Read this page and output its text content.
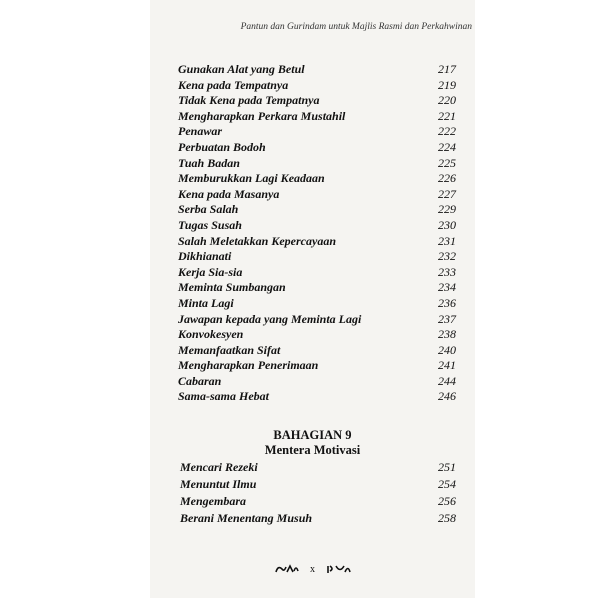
Pantun dan Gurindam untuk Majlis Rasmi dan Perkahwinan
Gunakan Alat yang Betul	217
Kena pada Tempatnya	219
Tidak Kena pada Tempatnya	220
Mengharapkan Perkara Mustahil	221
Penawar	222
Perbuatan Bodoh	224
Tuah Badan	225
Memburukkan Lagi Keadaan	226
Kena pada Masanya	227
Serba Salah	229
Tugas Susah	230
Salah Meletakkan Kepercayaan	231
Dikhianati	232
Kerja Sia-sia	233
Meminta Sumbangan	234
Minta Lagi	236
Jawapan kepada yang Meminta Lagi	237
Konvokesyen	238
Memanfaatkan Sifat	240
Mengharapkan Penerimaan	241
Cabaran	244
Sama-sama Hebat	246
BAHAGIAN 9
Mentera Motivasi
Mencari Rezeki	251
Menuntut Ilmu	254
Mengembara	256
Berani Menentang Musuh	258
x
